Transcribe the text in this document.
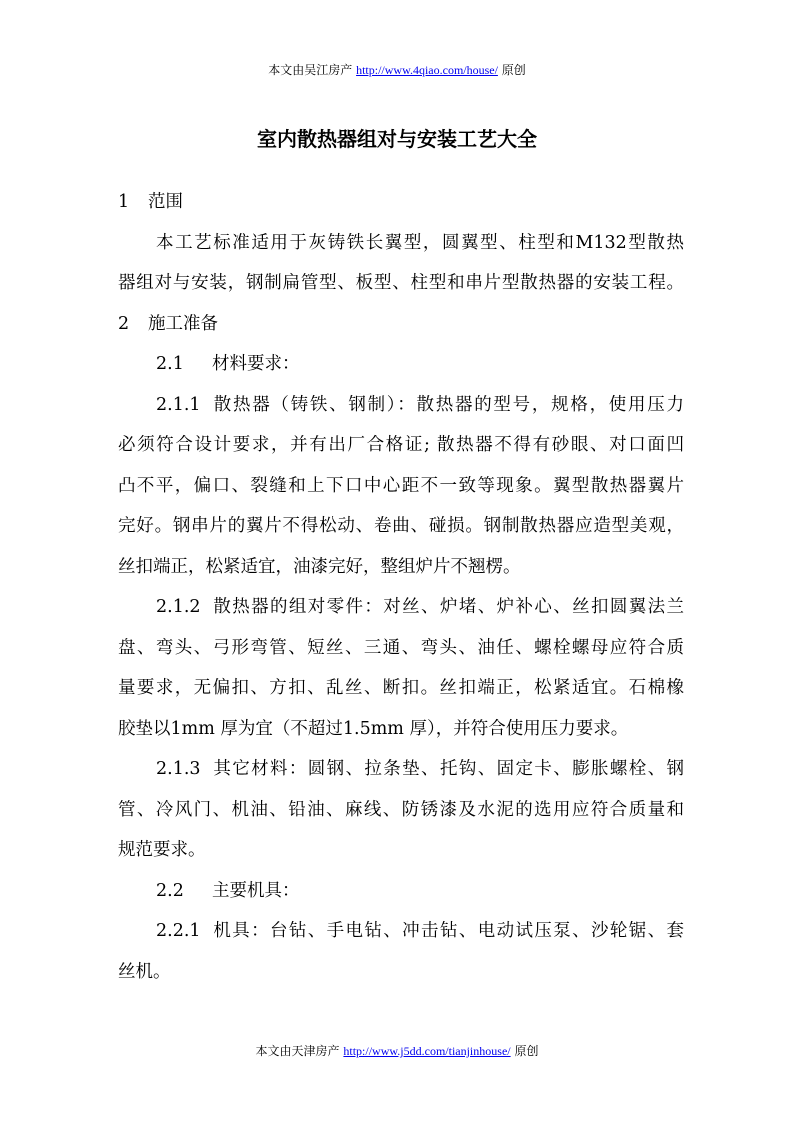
本文由吴江房产 http://www.4qiao.com/house/ 原创
室内散热器组对与安装工艺大全
1 范围
本工艺标准适用于灰铸铁长翼型，圆翼型、柱型和M132型散热
器组对与安装，钢制扁管型、板型、柱型和串片型散热器的安装工程。
2 施工准备
2.1 材料要求：
2.1.1 散热器（铸铁、钢制）：散热器的型号，规格，使用压力
必须符合设计要求，并有出厂合格证; 散热器不得有砂眼、对口面凹
凸不平，偏口、裂缝和上下口中心距不一致等现象。翼型散热器翼片
完好。钢串片的翼片不得松动、卷曲、碰损。钢制散热器应造型美观，
丝扣端正，松紧适宜，油漆完好，整组炉片不翘楞。
2.1.2 散热器的组对零件：对丝、炉堵、炉补心、丝扣圆翼法兰
盘、弯头、弓形弯管、短丝、三通、弯头、油任、螺栓螺母应符合质
量要求，无偏扣、方扣、乱丝、断扣。丝扣端正，松紧适宜。石棉橡
胶垫以1mm 厚为宜（不超过1.5mm 厚），并符合使用压力要求。
2.1.3 其它材料：圆钢、拉条垫、托钩、固定卡、膨胀螺栓、钢
管、冷风门、机油、铅油、麻线、防锈漆及水泥的选用应符合质量和
规范要求。
2.2 主要机具：
2.2.1 机具：台钻、手电钻、冲击钻、电动试压泵、沙轮锯、套
丝机。
本文由天津房产 http://www.j5dd.com/tianjinhouse/ 原创
